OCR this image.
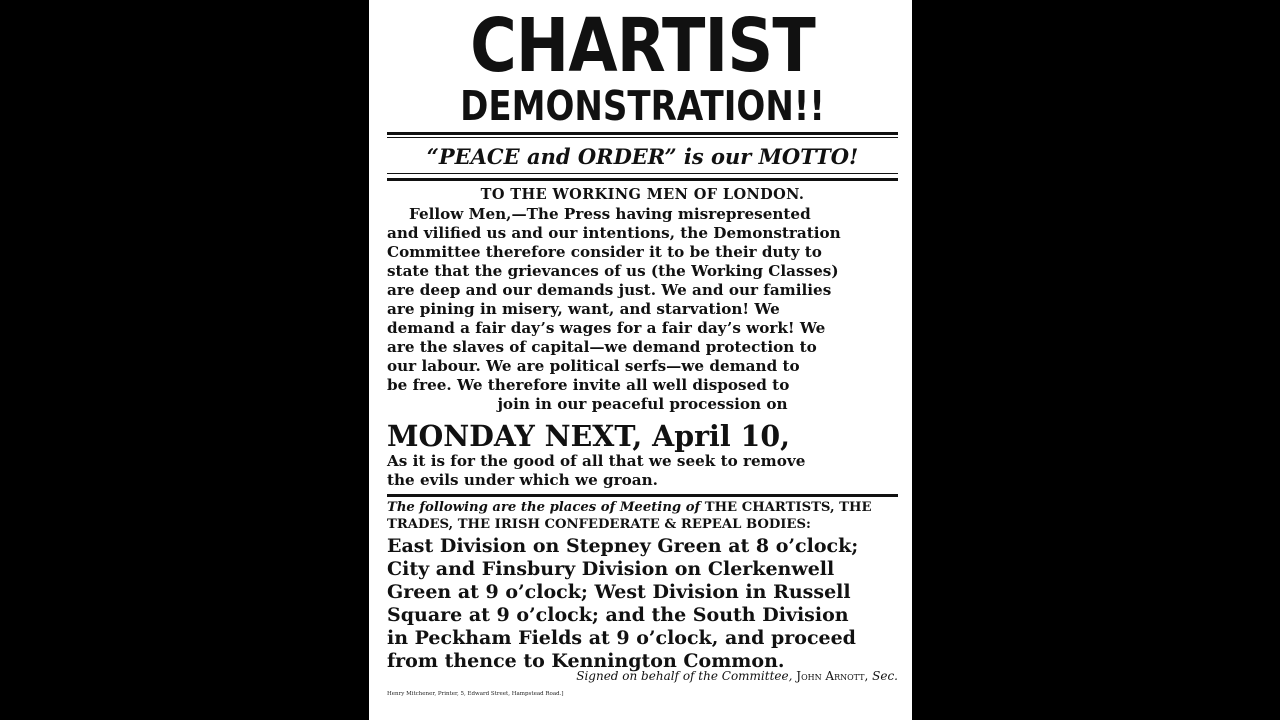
CHARTIST
DEMONSTRATION!!
“PEACE and ORDER” is our MOTTO!
TO THE WORKING MEN OF LONDON.
Fellow Men,—The Press having misrepresented
and vilified us and our intentions, the Demonstration
Committee therefore consider it to be their duty to
state that the grievances of us (the Working Classes)
are deep and our demands just. We and our families
are pining in misery, want, and starvation! We
demand a fair day’s wages for a fair day’s work! We
are the slaves of capital—we demand protection to
our labour. We are political serfs—we demand to
be free. We therefore invite all well disposed to
join in our peaceful procession on
MONDAY NEXT, April 10,
As it is for the good of all that we seek to remove
the evils under which we groan.
The following are the places of Meeting of THE CHARTISTS, THE
TRADES, THE IRISH CONFEDERATE & REPEAL BODIES:
East Division on Stepney Green at 8 o’clock;
City and Finsbury Division on Clerkenwell
Green at 9 o’clock; West Division in Russell
Square at 9 o’clock; and the South Division
in Peckham Fields at 9 o’clock, and proceed
from thence to Kennington Common.
Signed on behalf of the Committee, John Arnott, Sec.
Henry Mitchener, Printer, 5, Edward Street, Hampstead Road.]
